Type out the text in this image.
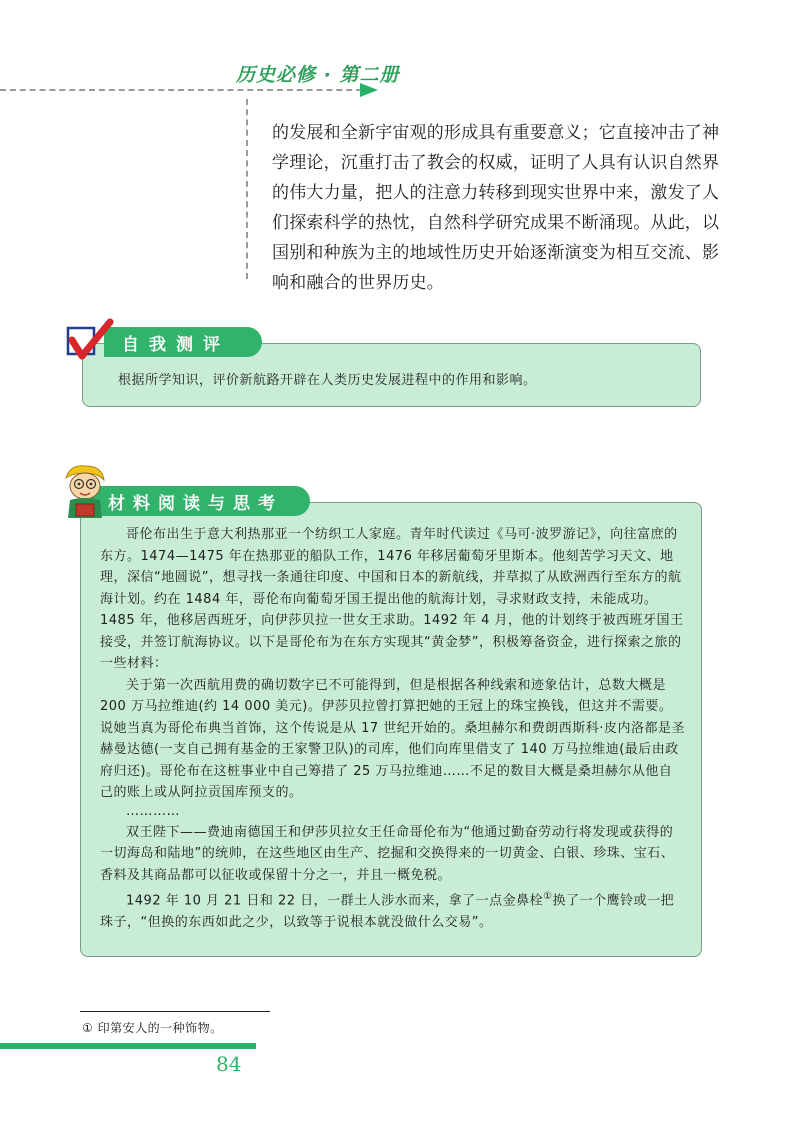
历史必修 · 第二册

的发展和全新宇宙观的形成具有重要意义；它直接冲击了神

学理论，沉重打击了教会的权威，证明了人具有认识自然界

的伟大力量，把人的注意力转移到现实世界中来，激发了人

们探索科学的热忱，自然科学研究成果不断涌现。从此，以

国别和种族为主的地域性历史开始逐渐演变为相互交流、影

响和融合的世界历史。

自我测评
根据所学知识，评价新航路开辟在人类历史发展进程中的作用和影响。
材料阅读与思考

哥伦布出生于意大利热那亚一个纺织工人家庭。青年时代读过《马可·波罗游记》，向往富庶的东方。1474—1475 年在热那亚的船队工作，1476 年移居葡萄牙里斯本。他刻苦学习天文、地理，深信“地圆说”，想寻找一条通往印度、中国和日本的新航线，并草拟了从欧洲西行至东方的航海计划。约在 1484 年，哥伦布向葡萄牙国王提出他的航海计划，寻求财政支持，未能成功。1485 年，他移居西班牙，向伊莎贝拉一世女王求助。1492 年 4 月，他的计划终于被西班牙国王接受，并签订航海协议。以下是哥伦布为在东方实现其“黄金梦”，积极筹备资金，进行探索之旅的一些材料：

关于第一次西航用费的确切数字已不可能得到，但是根据各种线索和迹象估计，总数大概是 200 万马拉维迪(约 14 000 美元)。伊莎贝拉曾打算把她的王冠上的珠宝换钱，但这并不需要。说她当真为哥伦布典当首饰，这个传说是从 17 世纪开始的。桑坦赫尔和费朗西斯科·皮内洛都是圣赫曼达德(一支自己拥有基金的王家警卫队)的司库，他们向库里借支了 140 万马拉维迪(最后由政府归还)。哥伦布在这桩事业中自己筹措了 25 万马拉维迪……不足的数目大概是桑坦赫尔从他自己的账上或从阿拉贡国库预支的。

…………

双王陛下——费迪南德国王和伊莎贝拉女王任命哥伦布为“他通过勤奋劳动行将发现或获得的一切海岛和陆地”的统帅，在这些地区由生产、挖掘和交换得来的一切黄金、白银、珍珠、宝石、香料及其商品都可以征收或保留十分之一，并且一概免税。

1492 年 10 月 21 日和 22 日，一群土人涉水而来，拿了一点金鼻栓①换了一个鹰铃或一把珠子，“但换的东西如此之少，以致等于说根本就没做什么交易”。

① 印第安人的一种饰物。
84
